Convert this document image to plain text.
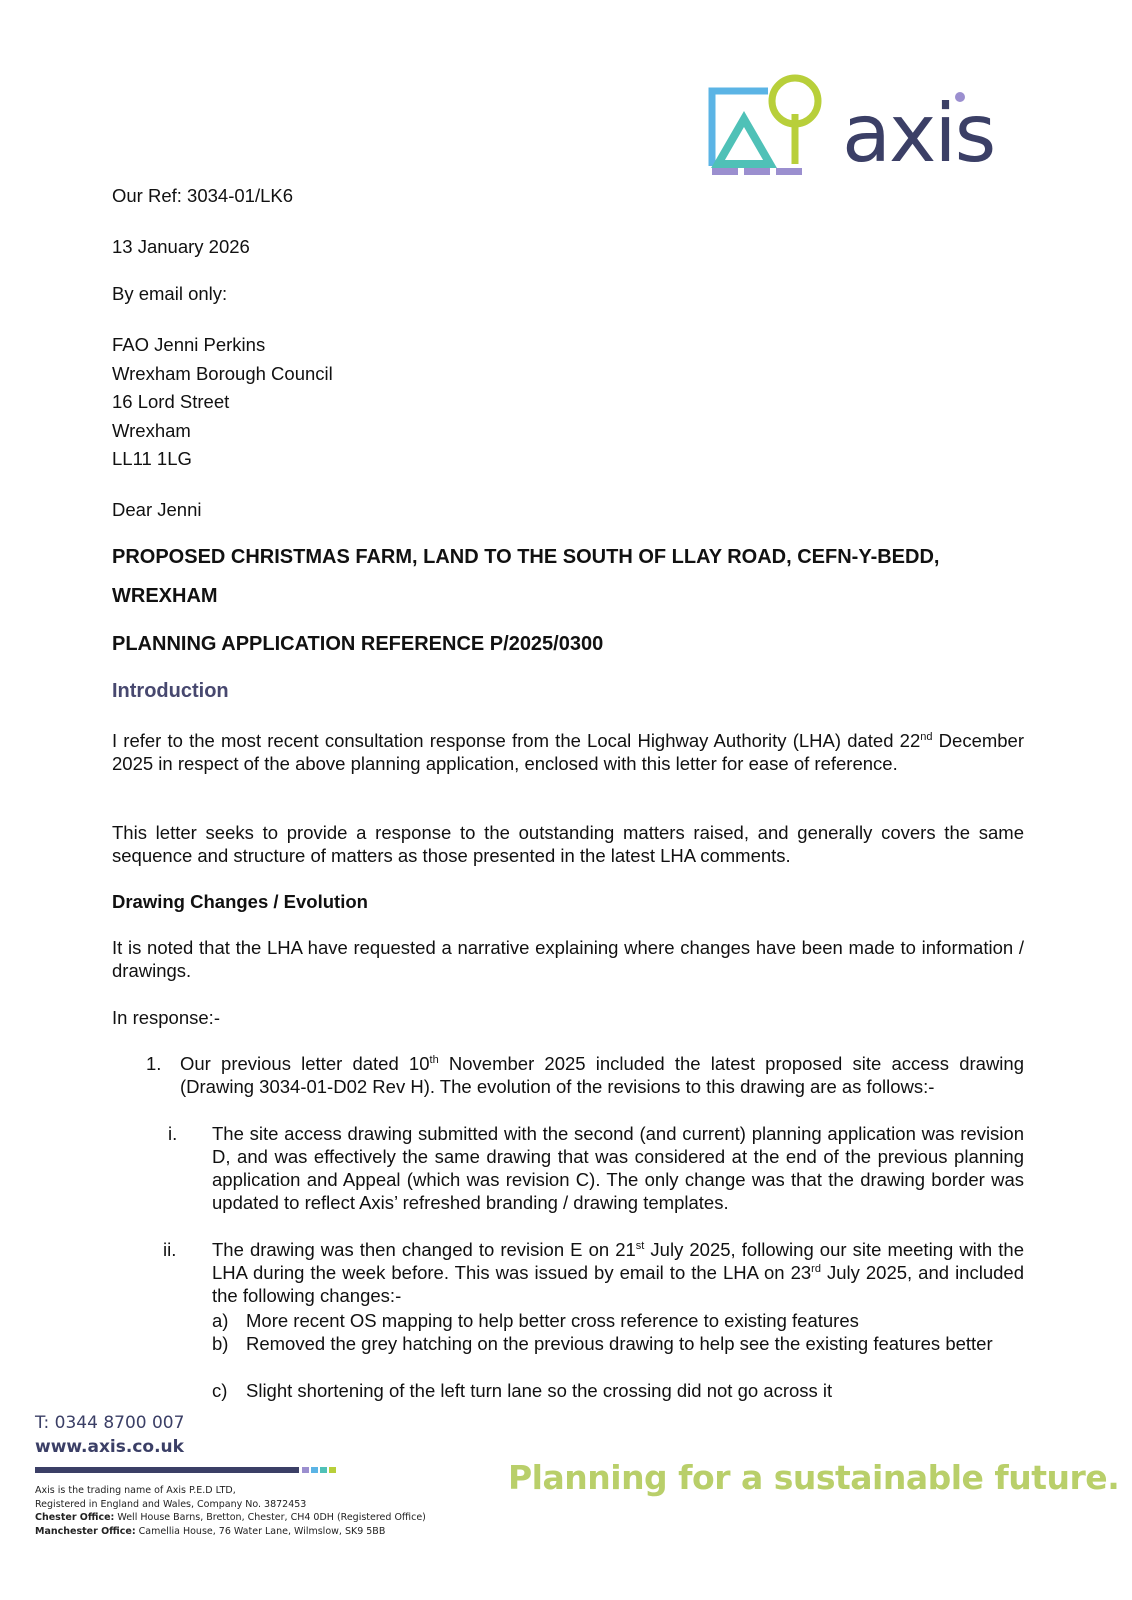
axis
Our Ref: 3034-01/LK6
13 January 2026
By email only:
FAO Jenni Perkins
Wrexham Borough Council
16 Lord Street
Wrexham
LL11 1LG
Dear Jenni
PROPOSED CHRISTMAS FARM, LAND TO THE SOUTH OF LLAY ROAD, CEFN-Y-BEDD, WREXHAM
PLANNING APPLICATION REFERENCE P/2025/0300
Introduction
I refer to the most recent consultation response from the Local Highway Authority (LHA) dated 22nd December 2025 in respect of the above planning application, enclosed with this letter for ease of reference.
This letter seeks to provide a response to the outstanding matters raised, and generally covers the same sequence and structure of matters as those presented in the latest LHA comments.
Drawing Changes / Evolution
It is noted that the LHA have requested a narrative explaining where changes have been made to information / drawings.
In response:-
1. Our previous letter dated 10th November 2025 included the latest proposed site access drawing (Drawing 3034-01-D02 Rev H). The evolution of the revisions to this drawing are as follows:-
i. The site access drawing submitted with the second (and current) planning application was revision D, and was effectively the same drawing that was considered at the end of the previous planning application and Appeal (which was revision C). The only change was that the drawing border was updated to reflect Axis’ refreshed branding / drawing templates.
ii. The drawing was then changed to revision E on 21st July 2025, following our site meeting with the LHA during the week before. This was issued by email to the LHA on 23rd July 2025, and included the following changes:-
a) More recent OS mapping to help better cross reference to existing features
b) Removed the grey hatching on the previous drawing to help see the existing features better
c) Slight shortening of the left turn lane so the crossing did not go across it
T: 0344 8700 007
www.axis.co.uk
Axis is the trading name of Axis P.E.D LTD,
Registered in England and Wales, Company No. 3872453
Chester Office: Well House Barns, Bretton, Chester, CH4 0DH (Registered Office)
Manchester Office: Camellia House, 76 Water Lane, Wilmslow, SK9 5BB
Planning for a sustainable future.
